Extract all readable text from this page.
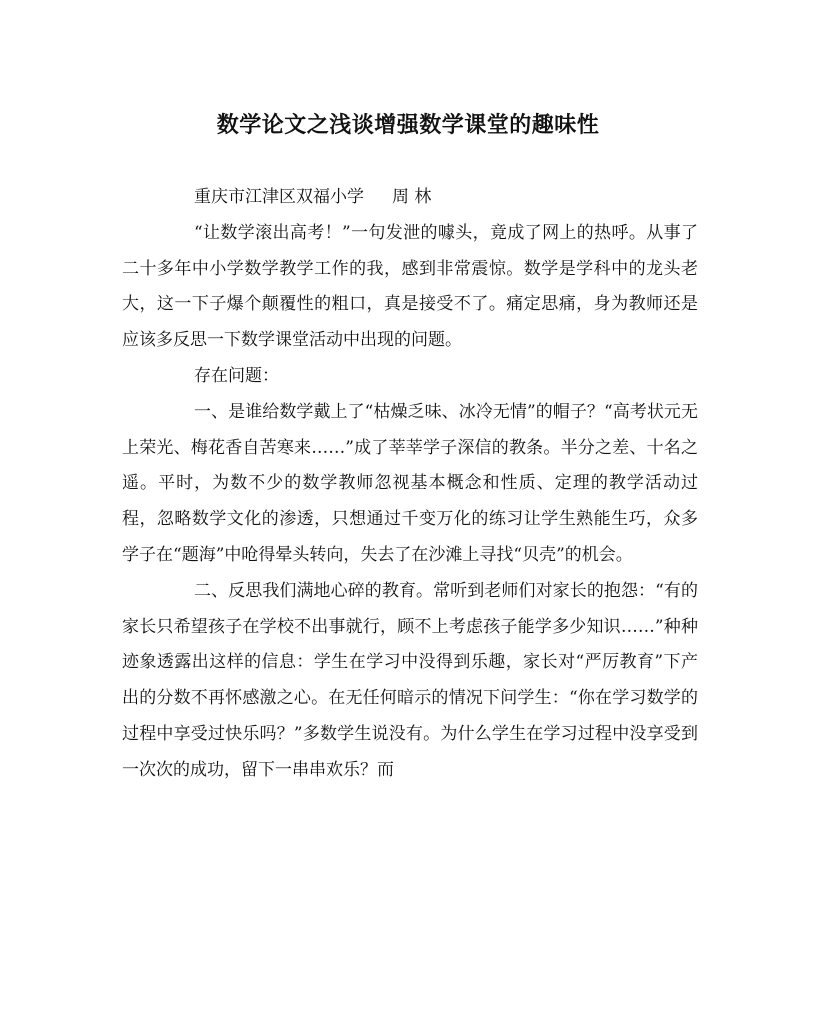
数学论文之浅谈增强数学课堂的趣味性

重庆市江津区双福小学 周 林

“让数学滚出高考！”一句发泄的噱头，竟成了网上的热呼。从事了二十多年中小学数学教学工作的我，感到非常震惊。数学是学科中的龙头老大，这一下子爆个颠覆性的粗口，真是接受不了。痛定思痛，身为教师还是应该多反思一下数学课堂活动中出现的问题。

存在问题：

一、是谁给数学戴上了“枯燥乏味、冰冷无情”的帽子？“高考状元无上荣光、梅花香自苦寒来……”成了莘莘学子深信的教条。半分之差、十名之遥。平时，为数不少的数学教师忽视基本概念和性质、定理的教学活动过程，忽略数学文化的渗透，只想通过千变万化的练习让学生熟能生巧，众多学子在“题海”中呛得晕头转向，失去了在沙滩上寻找“贝壳”的机会。

二、反思我们满地心碎的教育。常听到老师们对家长的抱怨：“有的家长只希望孩子在学校不出事就行，顾不上考虑孩子能学多少知识……”种种迹象透露出这样的信息：学生在学习中没得到乐趣，家长对“严厉教育”下产出的分数不再怀感激之心。在无任何暗示的情况下问学生：“你在学习数学的过程中享受过快乐吗？”多数学生说没有。为什么学生在学习过程中没享受到一次次的成功，留下一串串欢乐？而
